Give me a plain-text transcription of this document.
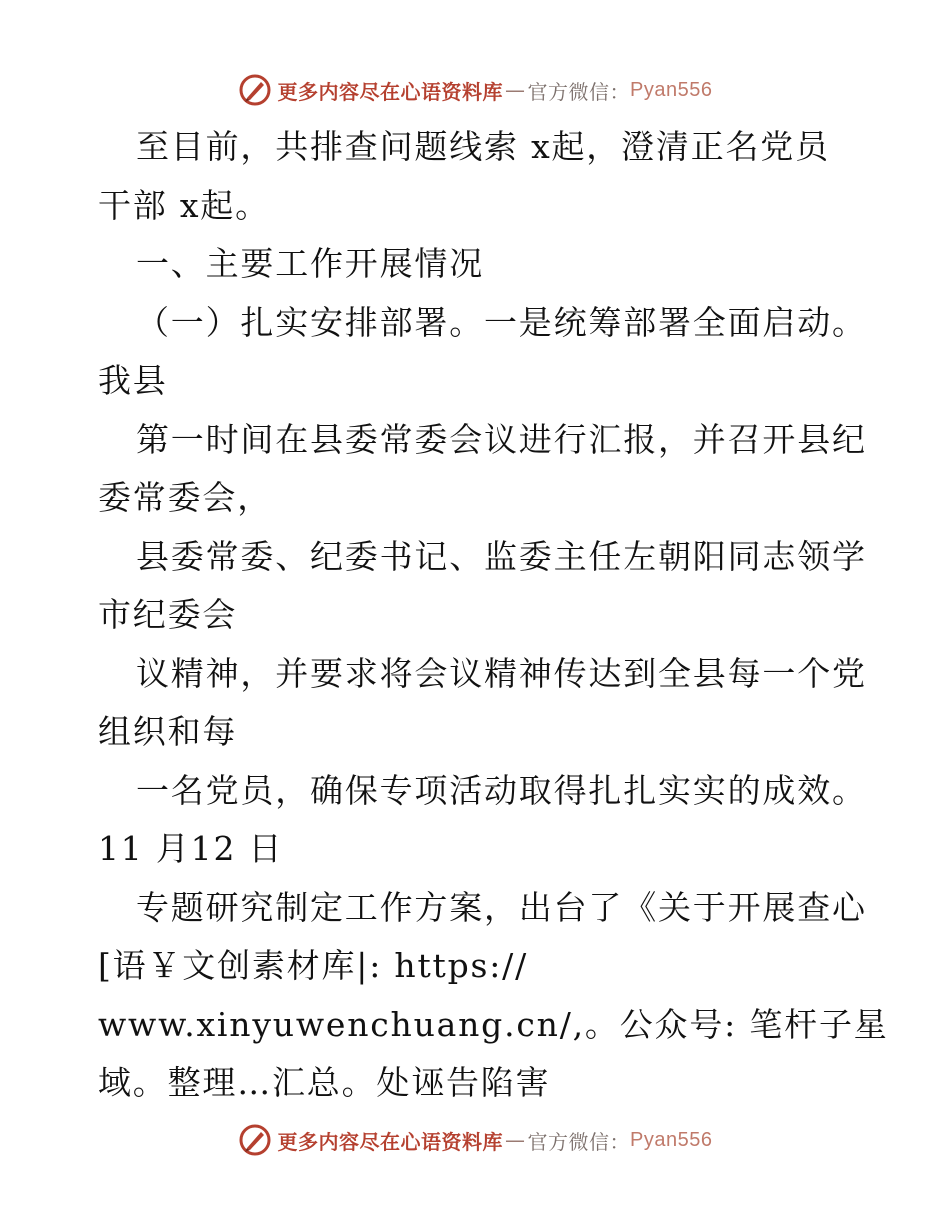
更多内容尽在心语资料库 — 官方微信： Pyan556
至目前，共排查问题线索 x起，澄清正名党员
干部 x起。
一、主要工作开展情况
（一）扎实安排部署。一是统筹部署全面启动。
我县
第一时间在县委常委会议进行汇报，并召开县纪
委常委会，
县委常委、纪委书记、监委主任左朝阳同志领学
市纪委会
议精神，并要求将会议精神传达到全县每一个党
组织和每
一名党员，确保专项活动取得扎扎实实的成效。
11 月12 日
专题研究制定工作方案，出台了《关于开展查心
[语￥文创素材库|: https://
www.xinyuwenchuang.cn/,。公众号: 笔杆子星
域。整理…汇总。处诬告陷害
更多内容尽在心语资料库 — 官方微信： Pyan556
